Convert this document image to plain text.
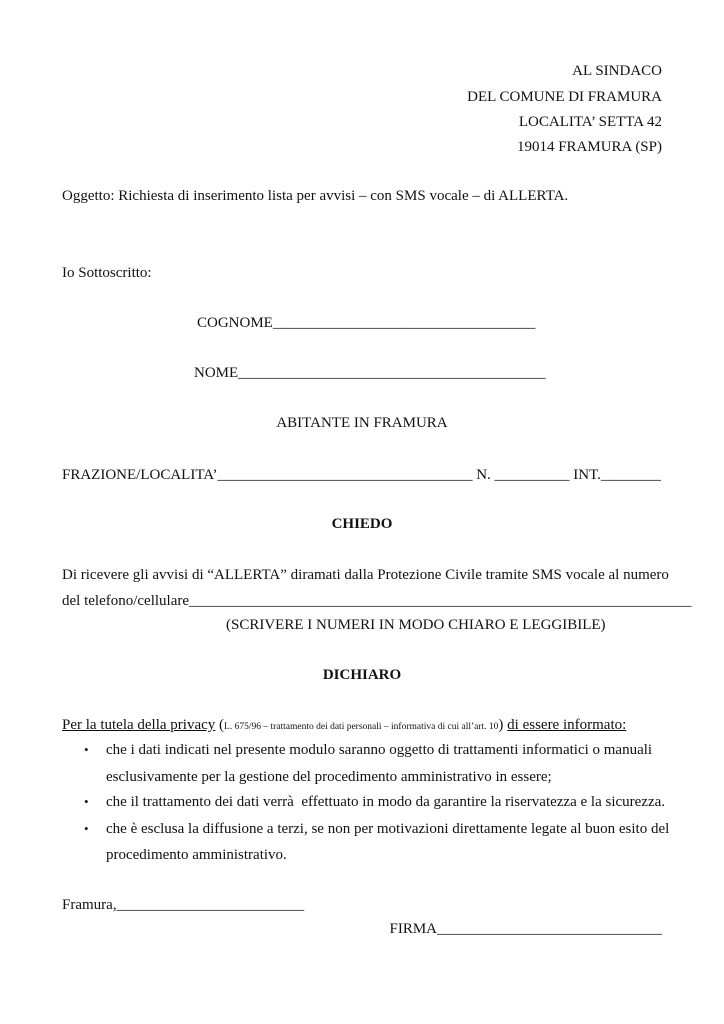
AL SINDACO
DEL COMUNE DI FRAMURA
LOCALITA’ SETTA 42
19014 FRAMURA (SP)
Oggetto: Richiesta di inserimento lista per avvisi – con SMS vocale – di ALLERTA.
Io Sottoscritto:
COGNOME___________________________________
NOME_________________________________________
ABITANTE IN FRAMURA
FRAZIONE/LOCALITA’__________________________________ N. __________ INT.________
CHIEDO
Di ricevere gli avvisi di “ALLERTA” diramati dalla Protezione Civile tramite SMS vocale al numero
del telefono/cellulare___________________________________________________________________
(SCRIVERE I NUMERI IN MODO CHIARO E LEGGIBILE)
DICHIARO
Per la tutela della privacy (L. 675/96 – trattamento dei dati personali – informativa di cui all’art. 10) di essere informato:
• che i dati indicati nel presente modulo saranno oggetto di trattamenti informatici o manuali
esclusivamente per la gestione del procedimento amministrativo in essere;
• che il trattamento dei dati verrà  effettuato in modo da garantire la riservatezza e la sicurezza.
• che è esclusa la diffusione a terzi, se non per motivazioni direttamente legate al buon esito del
procedimento amministrativo.
Framura,_________________________
FIRMA______________________________
